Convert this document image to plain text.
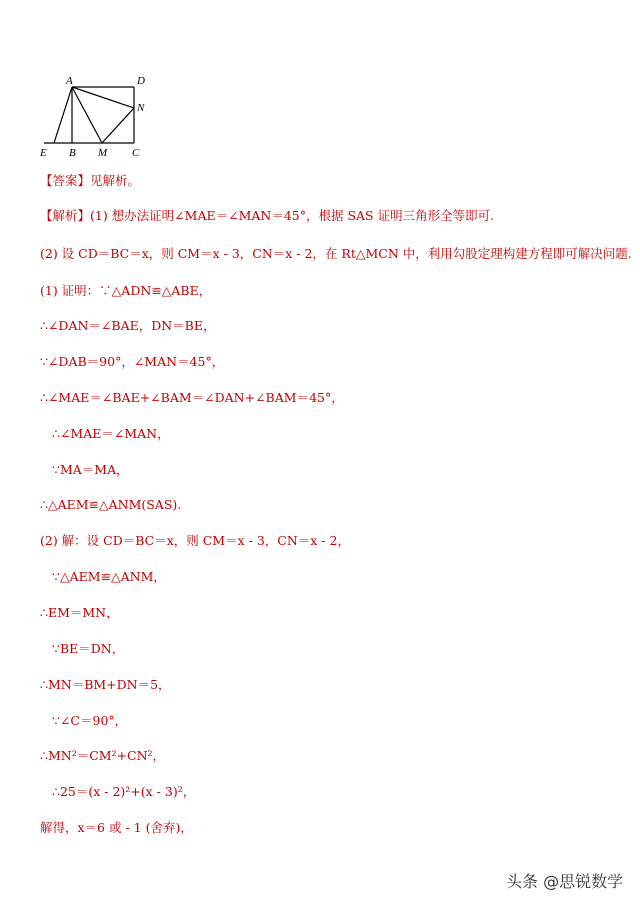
A	D
N
E B M C
【答案】见解析。
【解析】(1) 想办法证明∠MAE＝∠MAN＝45°，根据 SAS 证明三角形全等即可.
(2) 设 CD＝BC＝x，则 CM＝x - 3，CN＝x - 2，在 Rt△MCN 中，利用勾股定理构建方程即可解决问题.
(1) 证明：∵△ADN≌△ABE，
∴∠DAN＝∠BAE，DN＝BE，
∵∠DAB＝90°，∠MAN＝45°，
∴∠MAE＝∠BAE+∠BAM＝∠DAN+∠BAM＝45°，
∴∠MAE＝∠MAN，
∵MA＝MA，
∴△AEM≌△ANM(SAS).
(2) 解：设 CD＝BC＝x，则 CM＝x - 3，CN＝x - 2，
∵△AEM≌△ANM，
∴EM＝MN，
∵BE＝DN，
∴MN＝BM+DN＝5，
∵∠C＝90°，
∴MN²＝CM²+CN²，
∴25＝(x - 2)²+(x - 3)²，
解得，x＝6 或 - 1 (舍弃)，
头条 @思锐数学
